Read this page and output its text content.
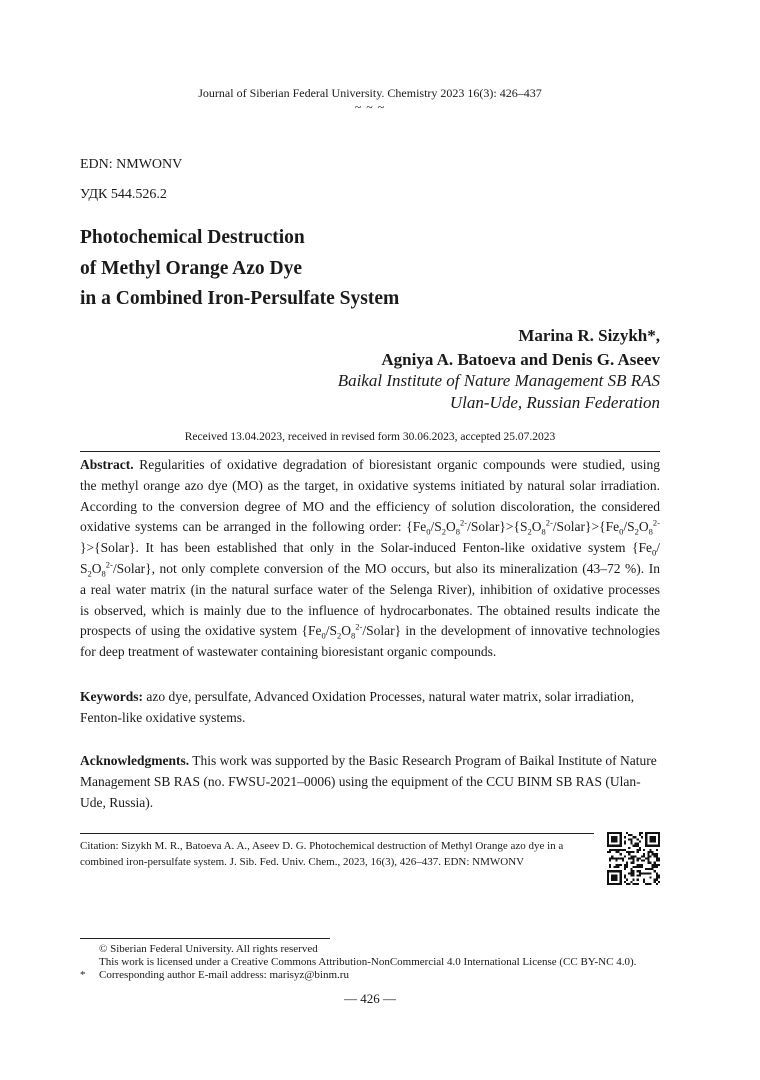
Journal of Siberian Federal University. Chemistry 2023 16(3): 426–437
~ ~ ~
EDN: NMWONV
УДК 544.526.2
Photochemical Destruction
of Methyl Orange Azo Dye
in a Combined Iron-Persulfate System
Marina R. Sizykh*,
Agniya A. Batoeva and Denis G. Aseev
Baikal Institute of Nature Management SB RAS
Ulan-Ude, Russian Federation
Received 13.04.2023, received in revised form 30.06.2023, accepted 25.07.2023
Abstract. Regularities of oxidative degradation of bioresistant organic compounds were studied, using
the methyl orange azo dye (MO) as the target, in oxidative systems initiated by natural solar irradiation.
According to the conversion degree of MO and the efficiency of solution discoloration, the considered
oxidative systems can be arranged in the following order: $\{Fe_0/S_2O_8^{2-}/Solar\}>\{S_2O_8^{2-}/Solar\}>\{Fe_0/S_2O_8^{2-}$
}>{Solar}. It has been established that only in the Solar-induced Fenton-like oxidative system {$Fe_0/$
$S_2O_8^{2-}/Solar$}, not only complete conversion of the MO occurs, but also its mineralization (43–72 %). In
a real water matrix (in the natural surface water of the Selenga River), inhibition of oxidative processes
is observed, which is mainly due to the influence of hydrocarbonates. The obtained results indicate the
prospects of using the oxidative system $\{Fe_0/S_2O_8^{2-}/Solar\}$ in the development of innovative technologies
for deep treatment of wastewater containing bioresistant organic compounds.
Keywords: azo dye, persulfate, Advanced Oxidation Processes, natural water matrix, solar irradiation, Fenton-like oxidative systems.
Acknowledgments. This work was supported by the Basic Research Program of Baikal Institute of Nature Management SB RAS (no. FWSU-2021–0006) using the equipment of the CCU BINM SB RAS (Ulan-Ude, Russia).
Citation: Sizykh M. R., Batoeva A. A., Aseev D. G. Photochemical destruction of Methyl Orange azo dye in a combined iron-persulfate system. J. Sib. Fed. Univ. Chem., 2023, 16(3), 426–437. EDN: NMWONV
© Siberian Federal University. All rights reserved
This work is licensed under a Creative Commons Attribution-NonCommercial 4.0 International License (CC BY-NC 4.0).
* Corresponding author E-mail address: marisyz@binm.ru
— 426 —
